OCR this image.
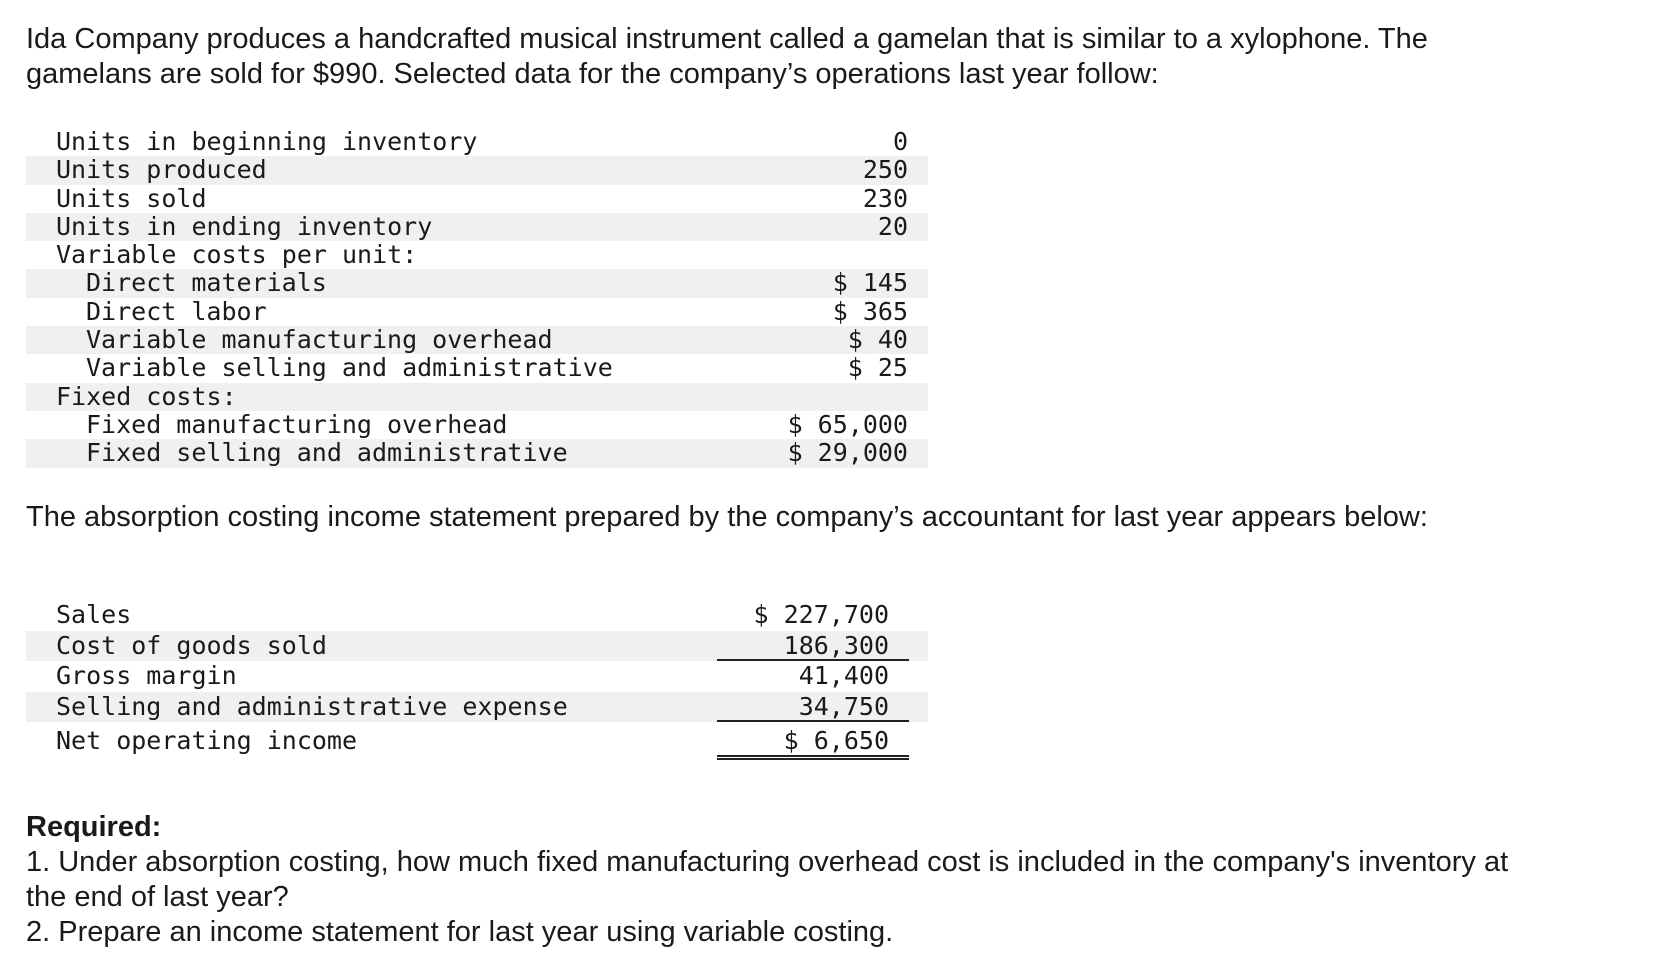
Ida Company produces a handcrafted musical instrument called a gamelan that is similar to a xylophone. The
gamelans are sold for $990. Selected data for the company’s operations last year follow:
Units in beginning inventory	0
Units produced	250
Units sold	230
Units in ending inventory	20
Variable costs per unit:
Direct materials	$ 145
Direct labor	$ 365
Variable manufacturing overhead	$ 40
Variable selling and administrative	$ 25
Fixed costs:
Fixed manufacturing overhead	$ 65,000
Fixed selling and administrative	$ 29,000

The absorption costing income statement prepared by the company’s accountant for last year appears below:

Sales	$ 227,700
Cost of goods sold	186,300
Gross margin	41,400
Selling and administrative expense	34,750
Net operating income	$ 6,650

Required:

1. Under absorption costing, how much fixed manufacturing overhead cost is included in the company's inventory at

the end of last year?

2. Prepare an income statement for last year using variable costing.
